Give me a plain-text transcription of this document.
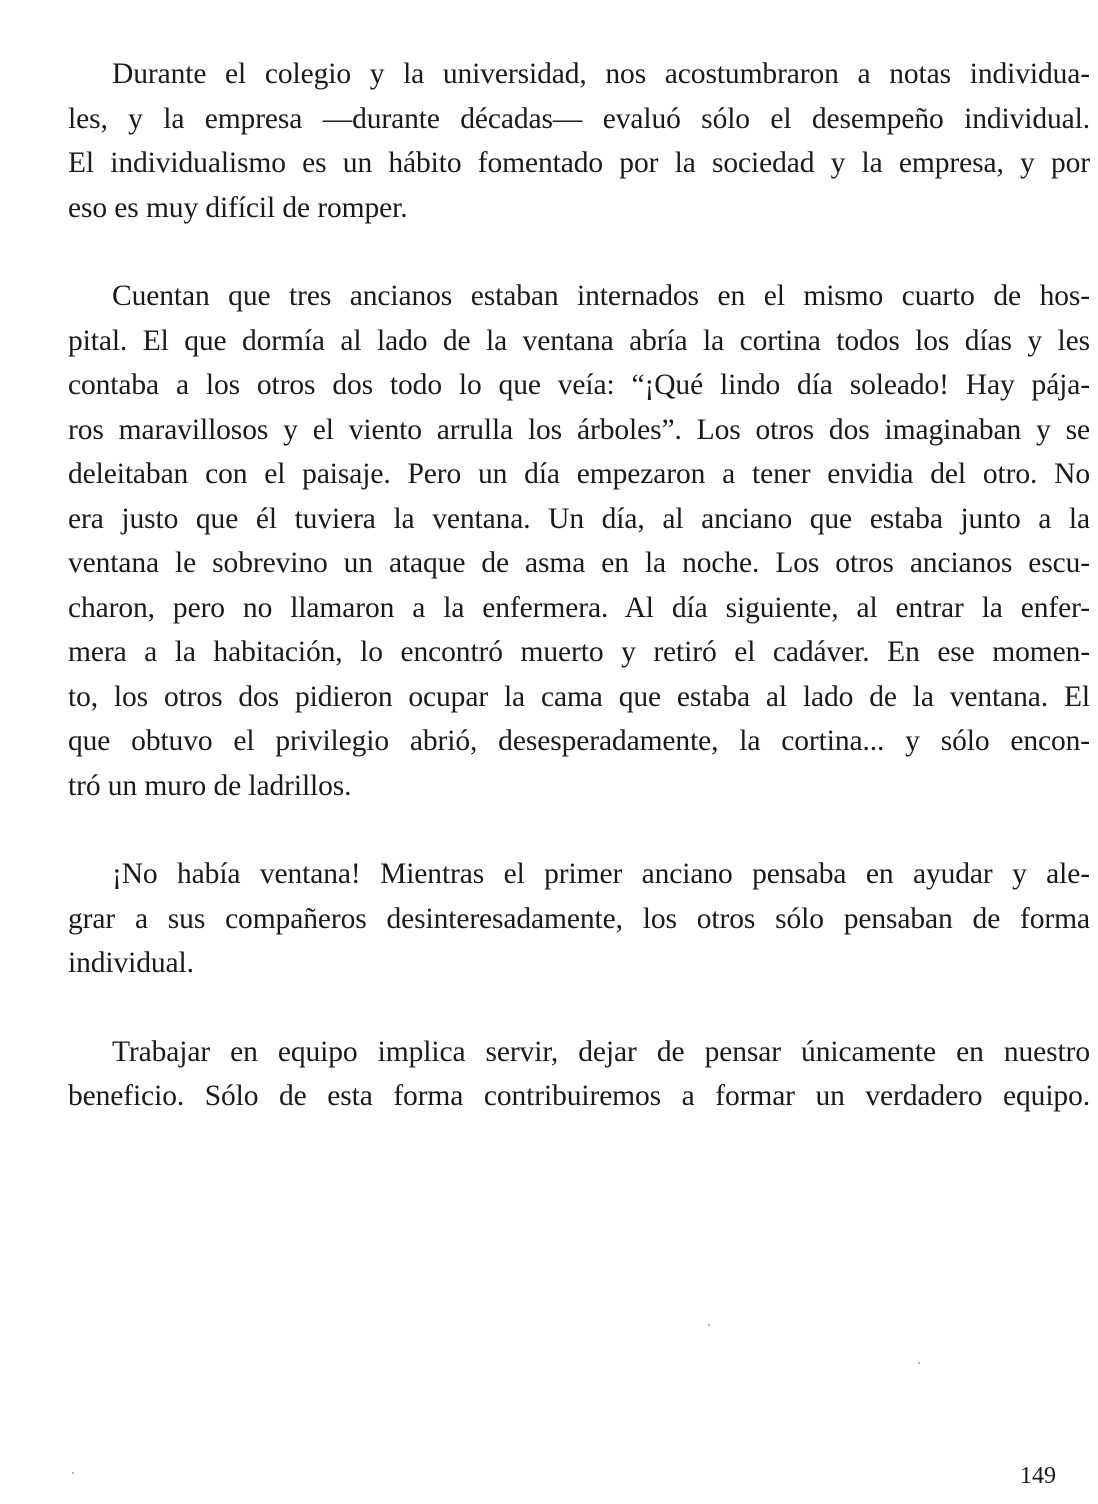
Durante el colegio y la universidad, nos acostumbraron a notas individua-
les, y la empresa —durante décadas— evaluó sólo el desempeño individual.
El individualismo es un hábito fomentado por la sociedad y la empresa, y por
eso es muy difícil de romper.

Cuentan que tres ancianos estaban internados en el mismo cuarto de hos-
pital. El que dormía al lado de la ventana abría la cortina todos los días y les
contaba a los otros dos todo lo que veía: “¡Qué lindo día soleado! Hay pája-
ros maravillosos y el viento arrulla los árboles”. Los otros dos imaginaban y se
deleitaban con el paisaje. Pero un día empezaron a tener envidia del otro. No
era justo que él tuviera la ventana. Un día, al anciano que estaba junto a la
ventana le sobrevino un ataque de asma en la noche. Los otros ancianos escu-
charon, pero no llamaron a la enfermera. Al día siguiente, al entrar la enfer-
mera a la habitación, lo encontró muerto y retiró el cadáver. En ese momen-
to, los otros dos pidieron ocupar la cama que estaba al lado de la ventana. El
que obtuvo el privilegio abrió, desesperadamente, la cortina... y sólo encon-
tró un muro de ladrillos.

¡No había ventana! Mientras el primer anciano pensaba en ayudar y ale-
grar a sus compañeros desinteresadamente, los otros sólo pensaban de forma
individual.

Trabajar en equipo implica servir, dejar de pensar únicamente en nuestro
beneficio. Sólo de esta forma contribuiremos a formar un verdadero equipo.

149
